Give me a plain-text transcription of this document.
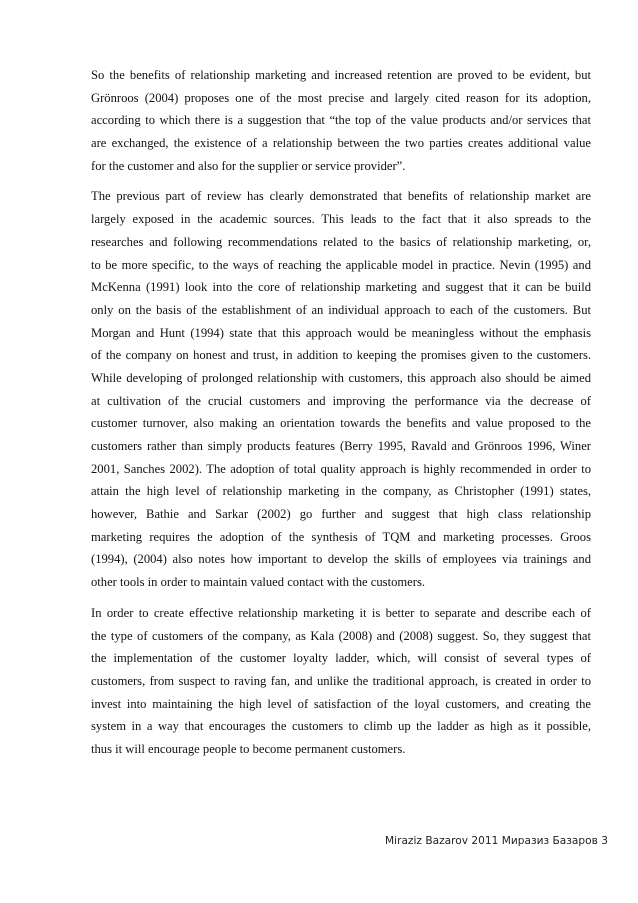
So the benefits of relationship marketing and increased retention are proved to be evident, but
Grönroos (2004) proposes one of the most precise and largely cited reason for its adoption,
according to which there is a suggestion that “the top of the value products and/or services that
are exchanged, the existence of a relationship between the two parties creates additional value
for the customer and also for the supplier or service provider”.
The previous part of review has clearly demonstrated that benefits of relationship market are
largely exposed in the academic sources. This leads to the fact that it also spreads to the
researches and following recommendations related to the basics of relationship marketing, or,
to be more specific, to the ways of reaching the applicable model in practice. Nevin (1995) and
McKenna (1991) look into the core of relationship marketing and suggest that it can be build
only on the basis of the establishment of an individual approach to each of the customers. But
Morgan and Hunt (1994) state that this approach would be meaningless without the emphasis
of the company on honest and trust, in addition to keeping the promises given to the customers.
While developing of prolonged relationship with customers, this approach also should be aimed
at cultivation of the crucial customers and improving the performance via the decrease of
customer turnover, also making an orientation towards the benefits and value proposed to the
customers rather than simply products features (Berry 1995, Ravald and Grönroos 1996, Winer
2001, Sanches 2002). The adoption of total quality approach is highly recommended in order to
attain the high level of relationship marketing in the company, as Christopher (1991) states,
however, Bathie and Sarkar (2002) go further and suggest that high class relationship
marketing requires the adoption of the synthesis of TQM and marketing processes. Groos
(1994), (2004) also notes how important to develop the skills of employees via trainings and
other tools in order to maintain valued contact with the customers.
In order to create effective relationship marketing it is better to separate and describe each of
the type of customers of the company, as Kala (2008) and (2008) suggest. So, they suggest that
the implementation of the customer loyalty ladder, which, will consist of several types of
customers, from suspect to raving fan, and unlike the traditional approach, is created in order to
invest into maintaining the high level of satisfaction of the loyal customers, and creating the
system in a way that encourages the customers to climb up the ladder as high as it possible,
thus it will encourage people to become permanent customers.
Miraziz Bazarov 2011 Миразиз Базаров 3
